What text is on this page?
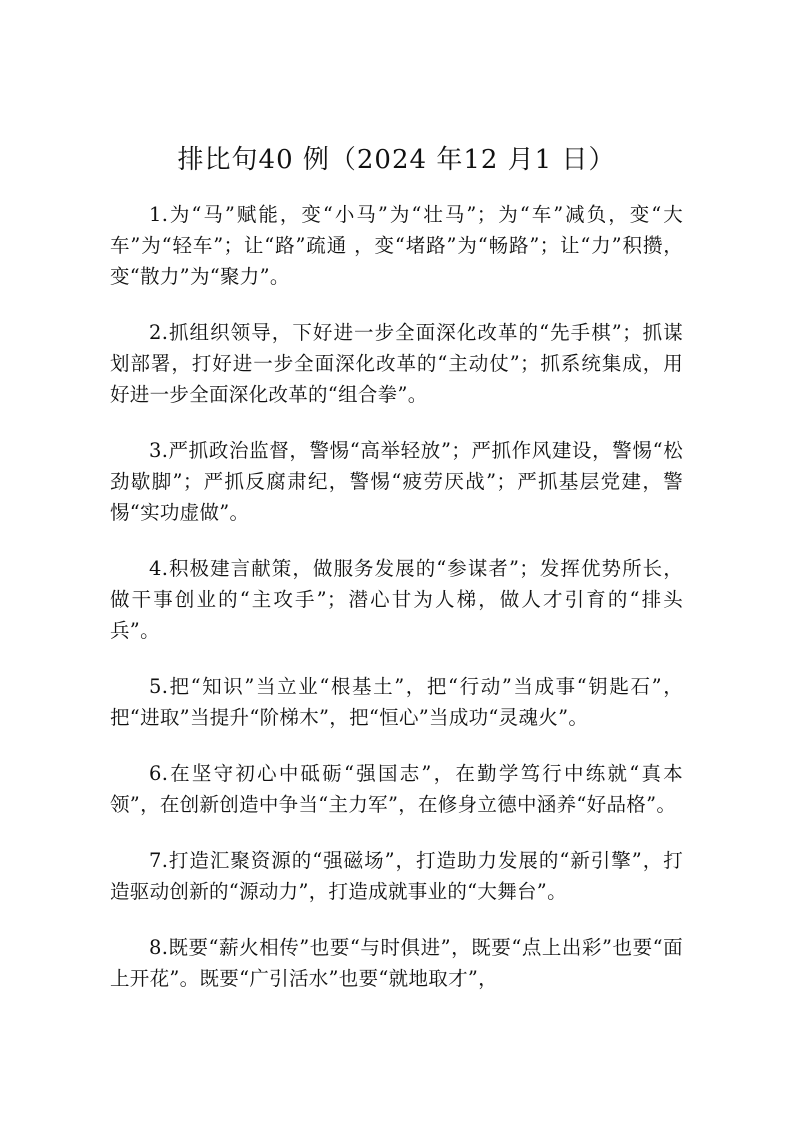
排比句40 例（2024 年12 月1 日）

1.为“马”赋能，变“小马”为“壮马”；为“车”减负，变“大车”为“轻车”；让“路”疏通 ，变“堵路”为“畅路”；让“力”积攒，变“散力”为“聚力”。

2.抓组织领导，下好进一步全面深化改革的“先手棋”；抓谋划部署，打好进一步全面深化改革的“主动仗”；抓系统集成，用好进一步全面深化改革的“组合拳”。

3.严抓政治监督，警惕“高举轻放”；严抓作风建设，警惕“松劲歇脚”；严抓反腐肃纪，警惕“疲劳厌战”；严抓基层党建，警惕“实功虚做”。

4.积极建言献策，做服务发展的“参谋者”；发挥优势所长，做干事创业的“主攻手”；潜心甘为人梯，做人才引育的“排头兵”。

5.把“知识”当立业“根基土”，把“行动”当成事“钥匙石”，把“进取”当提升“阶梯木”，把“恒心”当成功“灵魂火”。

6.在坚守初心中砥砺“强国志”，在勤学笃行中练就“真本领”，在创新创造中争当“主力军”，在修身立德中涵养“好品格”。

7.打造汇聚资源的“强磁场”，打造助力发展的“新引擎”，打造驱动创新的“源动力”，打造成就事业的“大舞台”。

8.既要“薪火相传”也要“与时俱进”，既要“点上出彩”也要“面上开花”。既要“广引活水”也要“就地取才”，
